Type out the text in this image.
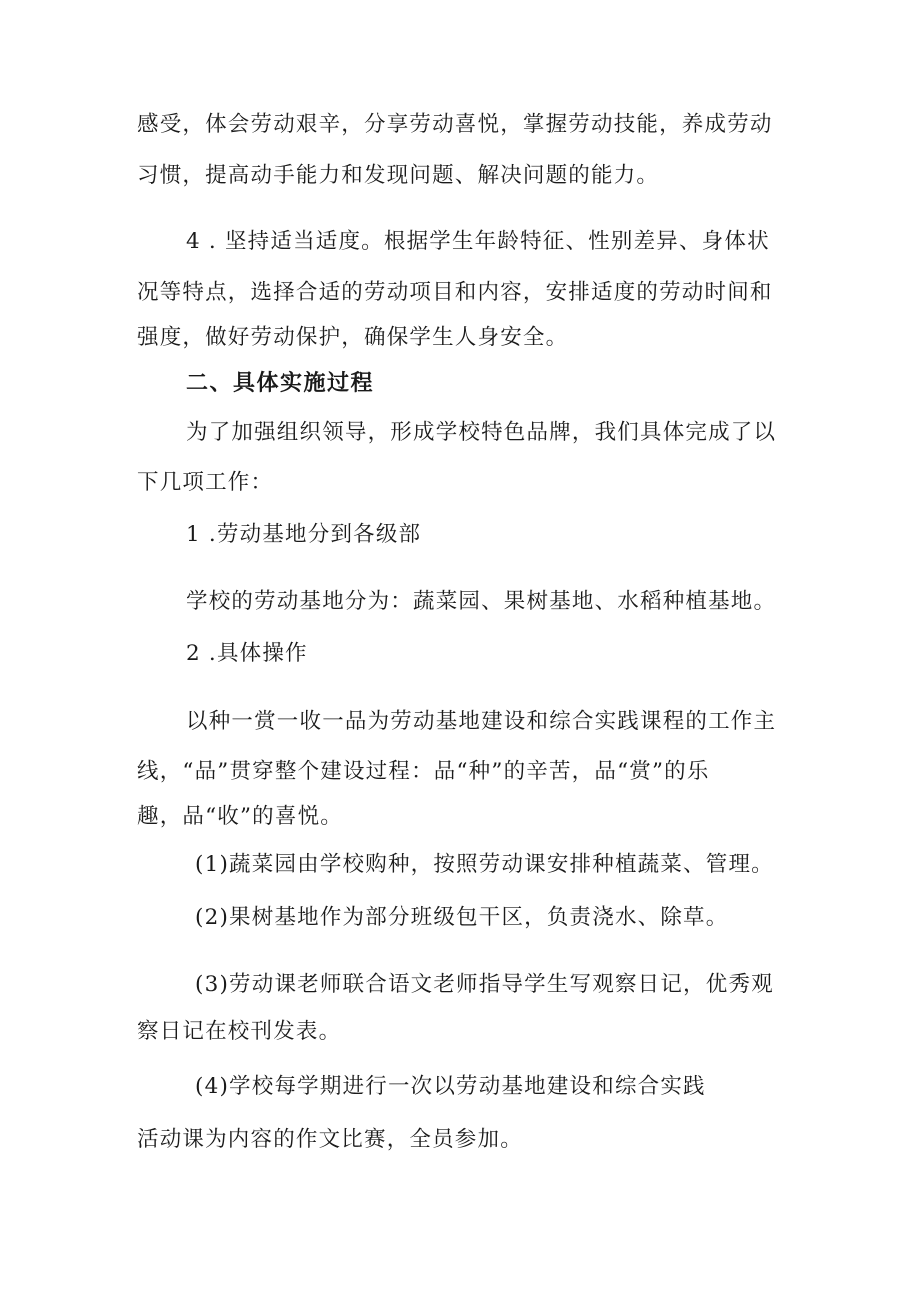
感受，体会劳动艰辛，分享劳动喜悦，掌握劳动技能，养成劳动
习惯，提高动手能力和发现问题、解决问题的能力。
4 . 坚持适当适度。根据学生年龄特征、性别差异、身体状
况等特点，选择合适的劳动项目和内容，安排适度的劳动时间和
强度，做好劳动保护，确保学生人身安全。
二、具体实施过程
为了加强组织领导，形成学校特色品牌，我们具体完成了以
下几项工作：
1 .劳动基地分到各级部
学校的劳动基地分为：蔬菜园、果树基地、水稻种植基地。
2 .具体操作
以种一赏一收一品为劳动基地建设和综合实践课程的工作主
线，“品”贯穿整个建设过程：品“种”的辛苦，品“赏”的乐
趣，品“收”的喜悦。
(1)蔬菜园由学校购种，按照劳动课安排种植蔬菜、管理。
(2)果树基地作为部分班级包干区，负责浇水、除草。
(3)劳动课老师联合语文老师指导学生写观察日记，优秀观
察日记在校刊发表。
(4)学校每学期进行一次以劳动基地建设和综合实践
活动课为内容的作文比赛，全员参加。
